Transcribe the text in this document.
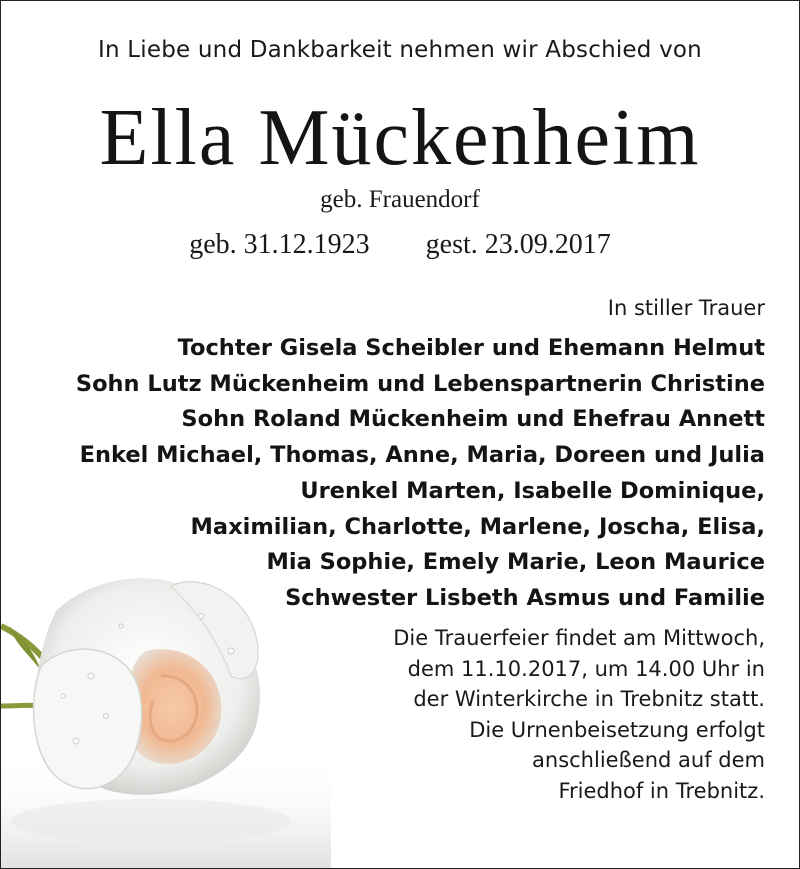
In Liebe und Dankbarkeit nehmen wir Abschied von
Ella Mückenheim
geb. Frauendorf
geb. 31.12.1923 gest. 23.09.2017
In stiller Trauer
Tochter Gisela Scheibler und Ehemann Helmut
Sohn Lutz Mückenheim und Lebenspartnerin Christine
Sohn Roland Mückenheim und Ehefrau Annett
Enkel Michael, Thomas, Anne, Maria, Doreen und Julia
Urenkel Marten, Isabelle Dominique,
Maximilian, Charlotte, Marlene, Joscha, Elisa,
Mia Sophie, Emely Marie, Leon Maurice
Schwester Lisbeth Asmus und Familie
Die Trauerfeier findet am Mittwoch,
dem 11.10.2017, um 14.00 Uhr in
der Winterkirche in Trebnitz statt.
Die Urnenbeisetzung erfolgt
anschließend auf dem
Friedhof in Trebnitz.
